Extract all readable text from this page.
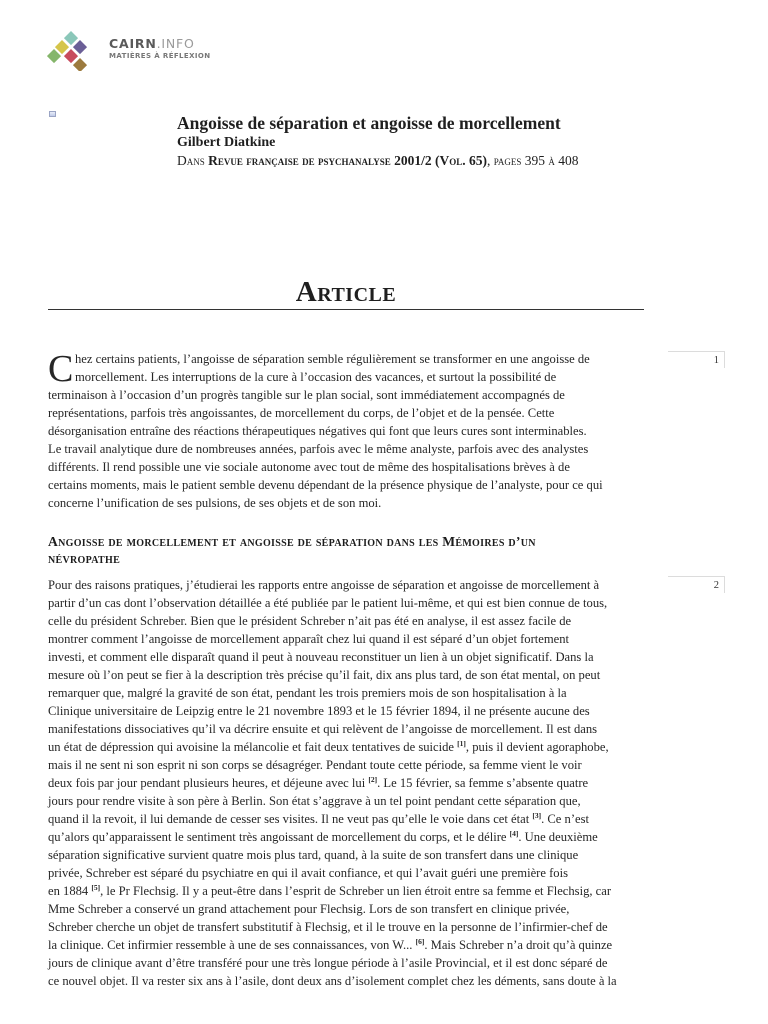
CAIRN.INFO
MATIÈRES À RÉFLEXION
Angoisse de séparation et angoisse de morcellement
Gilbert Diatkine
Dans Revue française de psychanalyse 2001/2 (Vol. 65), pages 395 à 408
Article
C	1
hez certains patients, l’angoisse de séparation semble régulièrement se transformer en une angoisse de
morcellement. Les interruptions de la cure à l’occasion des vacances, et surtout la possibilité de
terminaison à l’occasion d’un progrès tangible sur le plan social, sont immédiatement accompagnés de
représentations, parfois très angoissantes, de morcellement du corps, de l’objet et de la pensée. Cette
désorganisation entraîne des réactions thérapeutiques négatives qui font que leurs cures sont interminables.
Le travail analytique dure de nombreuses années, parfois avec le même analyste, parfois avec des analystes
différents. Il rend possible une vie sociale autonome avec tout de même des hospitalisations brèves à de
certains moments, mais le patient semble devenu dépendant de la présence physique de l’analyste, pour ce qui
concerne l’unification de ses pulsions, de ses objets et de son moi.
Angoisse de morcellement et angoisse de séparation dans les Mémoires d’un
névropathe
2
Pour des raisons pratiques, j’étudierai les rapports entre angoisse de séparation et angoisse de morcellement à
partir d’un cas dont l’observation détaillée a été publiée par le patient lui-même, et qui est bien connue de tous,
celle du président Schreber. Bien que le président Schreber n’ait pas été en analyse, il est assez facile de
montrer comment l’angoisse de morcellement apparaît chez lui quand il est séparé d’un objet fortement
investi, et comment elle disparaît quand il peut à nouveau reconstituer un lien à un objet significatif. Dans la
mesure où l’on peut se fier à la description très précise qu’il fait, dix ans plus tard, de son état mental, on peut
remarquer que, malgré la gravité de son état, pendant les trois premiers mois de son hospitalisation à la
Clinique universitaire de Leipzig entre le 21 novembre 1893 et le 15 février 1894, il ne présente aucune des
manifestations dissociatives qu’il va décrire ensuite et qui relèvent de l’angoisse de morcellement. Il est dans
un état de dépression qui avoisine la mélancolie et fait deux tentatives de suicide [1], puis il devient agoraphobe,
mais il ne sent ni son esprit ni son corps se désagréger. Pendant toute cette période, sa femme vient le voir
deux fois par jour pendant plusieurs heures, et déjeune avec lui [2]. Le 15 février, sa femme s’absente quatre
jours pour rendre visite à son père à Berlin. Son état s’aggrave à un tel point pendant cette séparation que,
quand il la revoit, il lui demande de cesser ses visites. Il ne veut pas qu’elle le voie dans cet état [3]. Ce n’est
qu’alors qu’apparaissent le sentiment très angoissant de morcellement du corps, et le délire [4]. Une deuxième
séparation significative survient quatre mois plus tard, quand, à la suite de son transfert dans une clinique
privée, Schreber est séparé du psychiatre en qui il avait confiance, et qui l’avait guéri une première fois
en 1884 [5], le Pr Flechsig. Il y a peut-être dans l’esprit de Schreber un lien étroit entre sa femme et Flechsig, car
Mme Schreber a conservé un grand attachement pour Flechsig. Lors de son transfert en clinique privée,
Schreber cherche un objet de transfert substitutif à Flechsig, et il le trouve en la personne de l’infirmier-chef de
la clinique. Cet infirmier ressemble à une de ses connaissances, von W... [6]. Mais Schreber n’a droit qu’à quinze
jours de clinique avant d’être transféré pour une très longue période à l’asile Provincial, et il est donc séparé de
ce nouvel objet. Il va rester six ans à l’asile, dont deux ans d’isolement complet chez les déments, sans doute à la
